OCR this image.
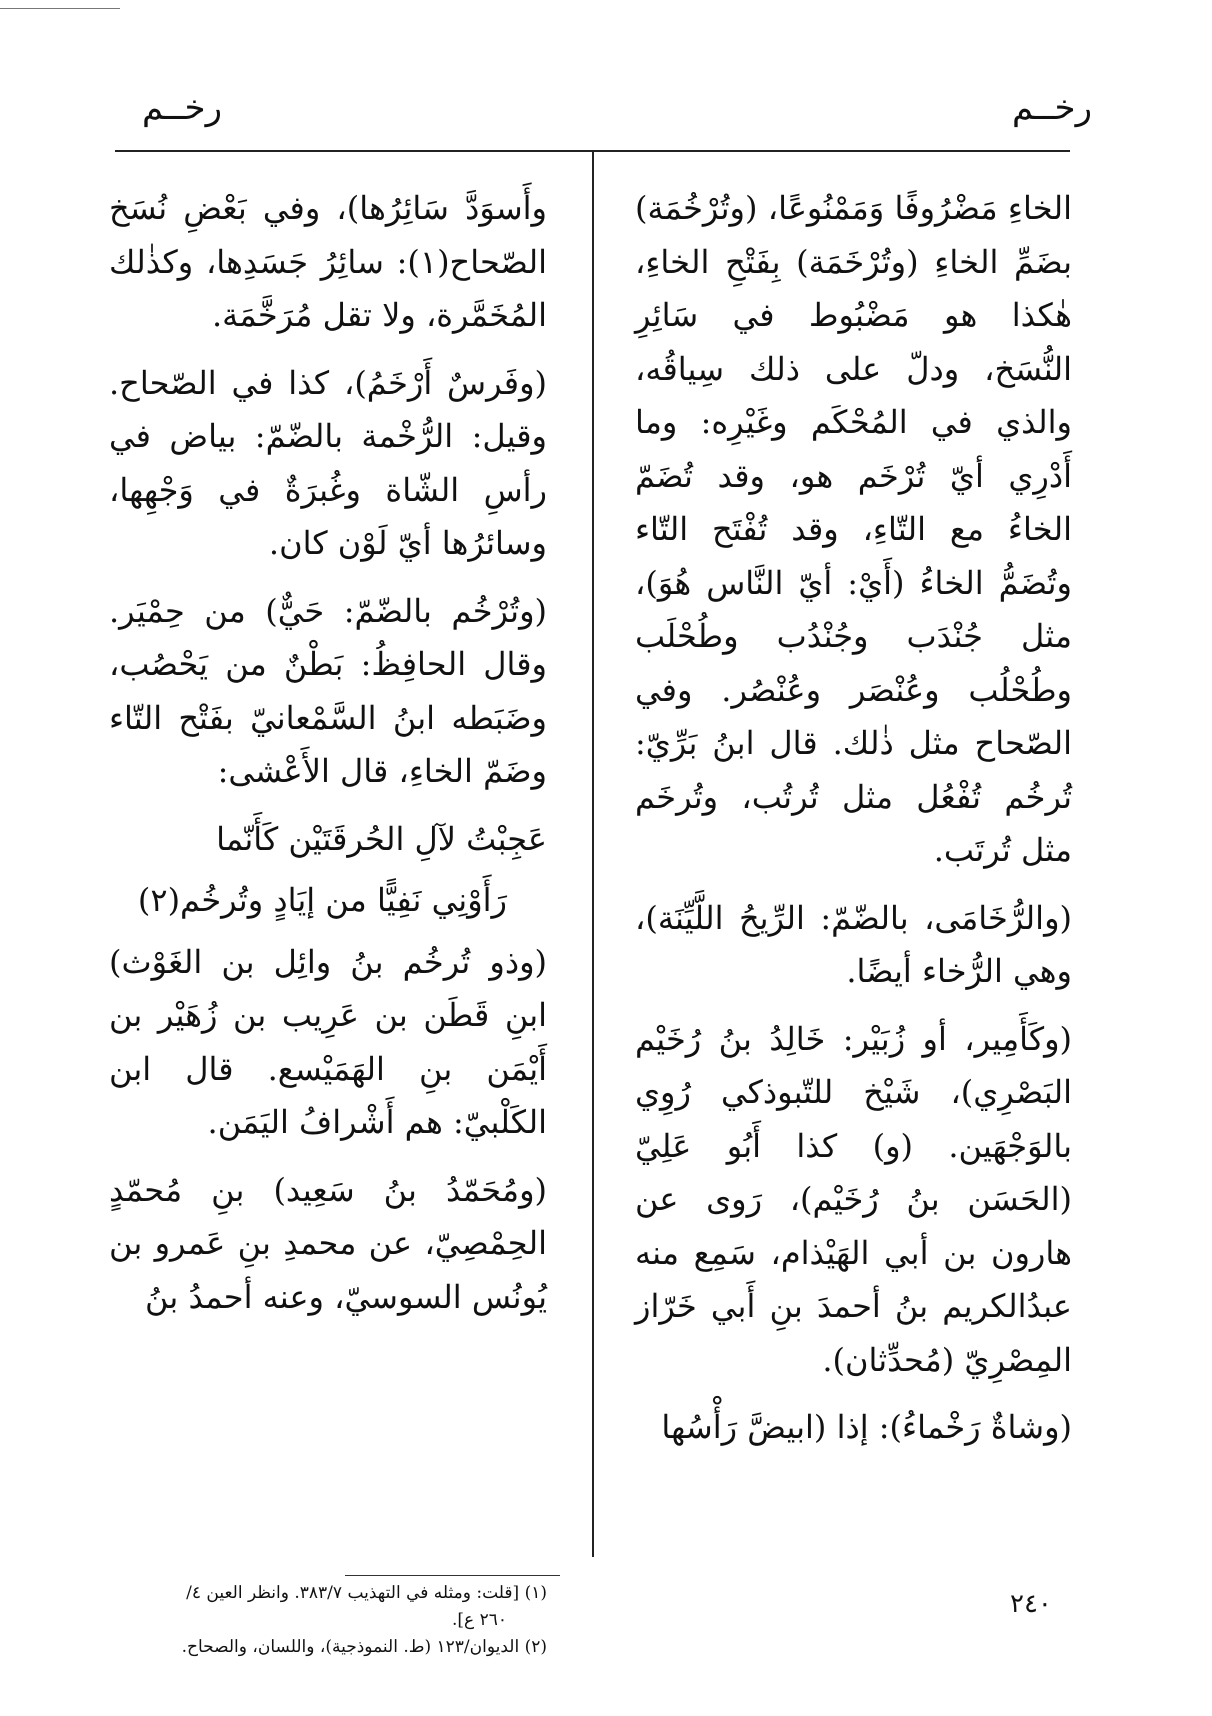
رخــم
رخــم

الخاءِ مَضْرُوفًا وَمَمْنُوعًا، (وتُرْخُمَة) بضَمِّ الخاءِ (وتُرْخَمَة) بِفَتْحِ الخاءِ، هٰكذا هو مَضْبُوط في سَائِرِ النُّسَخ، ودلّ على ذلك سِياقُه، والذي في المُحْكَم وغَيْرِه: وما أَدْرِي أيّ تُرْخَم هو، وقد تُضَمّ الخاءُ مع التّاءِ، وقد تُفْتَح التّاء وتُضَمُّ الخاءُ (أَيْ: أيّ النَّاس هُوَ)، مثل جُنْدَب وجُنْدُب وطُحْلَب وطُحْلُب وعُنْصَر وعُنْصُر. وفي الصّحاح مثل ذٰلك. قال ابنُ بَرِّيّ: تُرخُم تُفْعُل مثل تُرتُب، وتُرخَم مثل تُرتَب.

(والرُّخَامَى، بالضّمّ: الرِّيحُ اللَّيِّنَة)، وهي الرُّخاء أيضًا.

(وكَأَمِير، أو زُبَيْر: خَالِدُ بنُ رُخَيْم البَصْرِي)، شَيْخ للتّبوذكي رُوِي بالوَجْهَين. (و) كذا أَبُو عَلِيّ (الحَسَن بنُ رُخَيْم)، رَوى عن هارون بن أبي الهَيْذام، سَمِع منه عبدُالكريم بنُ أحمدَ بنِ أَبي خَرّاز المِصْرِيّ (مُحدِّثان).

(وشاةٌ رَخْماءُ): إذا (ابيضَّ رَأْسُها

وأَسوَدَّ سَائِرُها)، وفي بَعْضِ نُسَخ الصّحاح(١): سائِرُ جَسَدِها، وكذٰلك المُخَمَّرة، ولا تقل مُرَخَّمَة.

(وفَرسٌ أَرْخَمُ)، كذا في الصّحاح. وقيل: الرُّخْمة بالضّمّ: بياض في رأسِ الشّاة وغُبرَةٌ في وَجْهِها، وسائرُها أيّ لَوْن كان.

(وتُرْخُم بالضّمّ: حَيٌّ) من حِمْيَر. وقال الحافِظُ: بَطْنٌ من يَحْصُب، وضَبَطه ابنُ السَّمْعانيّ بفَتْح التّاء وضَمّ الخاءِ، قال الأَعْشى:

عَجِبْتُ لآلِ الحُرقَتَيْن كَأَنّما
رَأَوْنِي نَفِيًّا من إيَادٍ وتُرخُم(٢)

(وذو تُرخُم بنُ وائِل بن الغَوْث) ابنِ قَطَن بن عَرِيب بن زُهَيْر بن أَيْمَن بنِ الهَمَيْسع. قال ابن الكَلْبيّ: هم أَشْرافُ اليَمَن.

(ومُحَمّدُ بنُ سَعِيد) بنِ مُحمّدٍ الحِمْصِيّ، عن محمدِ بنِ عَمرو بن يُونُس السوسيّ، وعنه أحمدُ بنُ

(١) [قلت: ومثله في التهذيب ٣٨٣/٧. وانظر العين ٤/
٢٦٠ ع].
(٢) الديوان/١٢٣ (ط. النموذجية)، واللسان، والصحاح.
٢٤٠
